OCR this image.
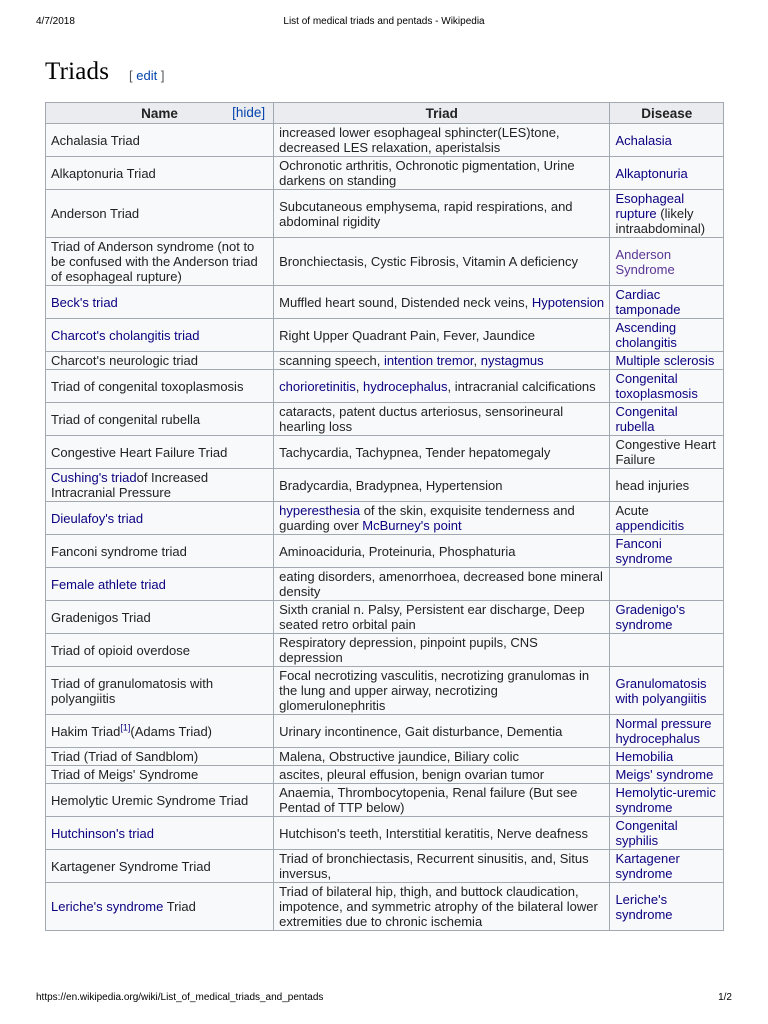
4/7/2018	List of medical triads and pentads - Wikipedia
Triads [ edit ]
Name [hide]	Triad	Disease
Achalasia Triad	increased lower esophageal sphincter(LES)tone, decreased LES relaxation, aperistalsis	Achalasia
Alkaptonuria Triad	Ochronotic arthritis, Ochronotic pigmentation, Urine darkens on standing	Alkaptonuria
Anderson Triad	Subcutaneous emphysema, rapid respirations, and abdominal rigidity	Esophageal rupture (likely intraabdominal)
Triad of Anderson syndrome (not to be confused with the Anderson triad of esophageal rupture)	Bronchiectasis, Cystic Fibrosis, Vitamin A deficiency	Anderson Syndrome
Beck's triad	Muffled heart sound, Distended neck veins, Hypotension	Cardiac tamponade
Charcot's cholangitis triad	Right Upper Quadrant Pain, Fever, Jaundice	Ascending cholangitis
Charcot's neurologic triad	scanning speech, intention tremor, nystagmus	Multiple sclerosis
Triad of congenital toxoplasmosis	chorioretinitis, hydrocephalus, intracranial calcifications	Congenital toxoplasmosis
Triad of congenital rubella	cataracts, patent ductus arteriosus, sensorineural hearling loss	Congenital rubella
Congestive Heart Failure Triad	Tachycardia, Tachypnea, Tender hepatomegaly	Congestive Heart Failure
Cushing's triadof Increased Intracranial Pressure	Bradycardia, Bradypnea, Hypertension	head injuries
Dieulafoy's triad	hyperesthesia of the skin, exquisite tenderness and guarding over McBurney's point	Acute appendicitis
Fanconi syndrome triad	Aminoaciduria, Proteinuria, Phosphaturia	Fanconi syndrome
Female athlete triad	eating disorders, amenorrhoea, decreased bone mineral density	
Gradenigos Triad	Sixth cranial n. Palsy, Persistent ear discharge, Deep seated retro orbital pain	Gradenigo's syndrome
Triad of opioid overdose	Respiratory depression, pinpoint pupils, CNS depression	
Triad of granulomatosis with polyangiitis	Focal necrotizing vasculitis, necrotizing granulomas in the lung and upper airway, necrotizing glomerulonephritis	Granulomatosis with polyangiitis
Hakim Triad[1](Adams Triad)	Urinary incontinence, Gait disturbance, Dementia	Normal pressure hydrocephalus
Triad (Triad of Sandblom)	Malena, Obstructive jaundice, Biliary colic	Hemobilia
Triad of Meigs' Syndrome	ascites, pleural effusion, benign ovarian tumor	Meigs' syndrome
Hemolytic Uremic Syndrome Triad	Anaemia, Thrombocytopenia, Renal failure (But see Pentad of TTP below)	Hemolytic-uremic syndrome
Hutchinson's triad	Hutchison's teeth, Interstitial keratitis, Nerve deafness	Congenital syphilis
Kartagener Syndrome Triad	Triad of bronchiectasis, Recurrent sinusitis, and, Situs inversus,	Kartagener syndrome
Leriche's syndrome Triad	Triad of bilateral hip, thigh, and buttock claudication, impotence, and symmetric atrophy of the bilateral lower extremities due to chronic ischemia	Leriche's syndrome
https://en.wikipedia.org/wiki/List_of_medical_triads_and_pentads	1/2
